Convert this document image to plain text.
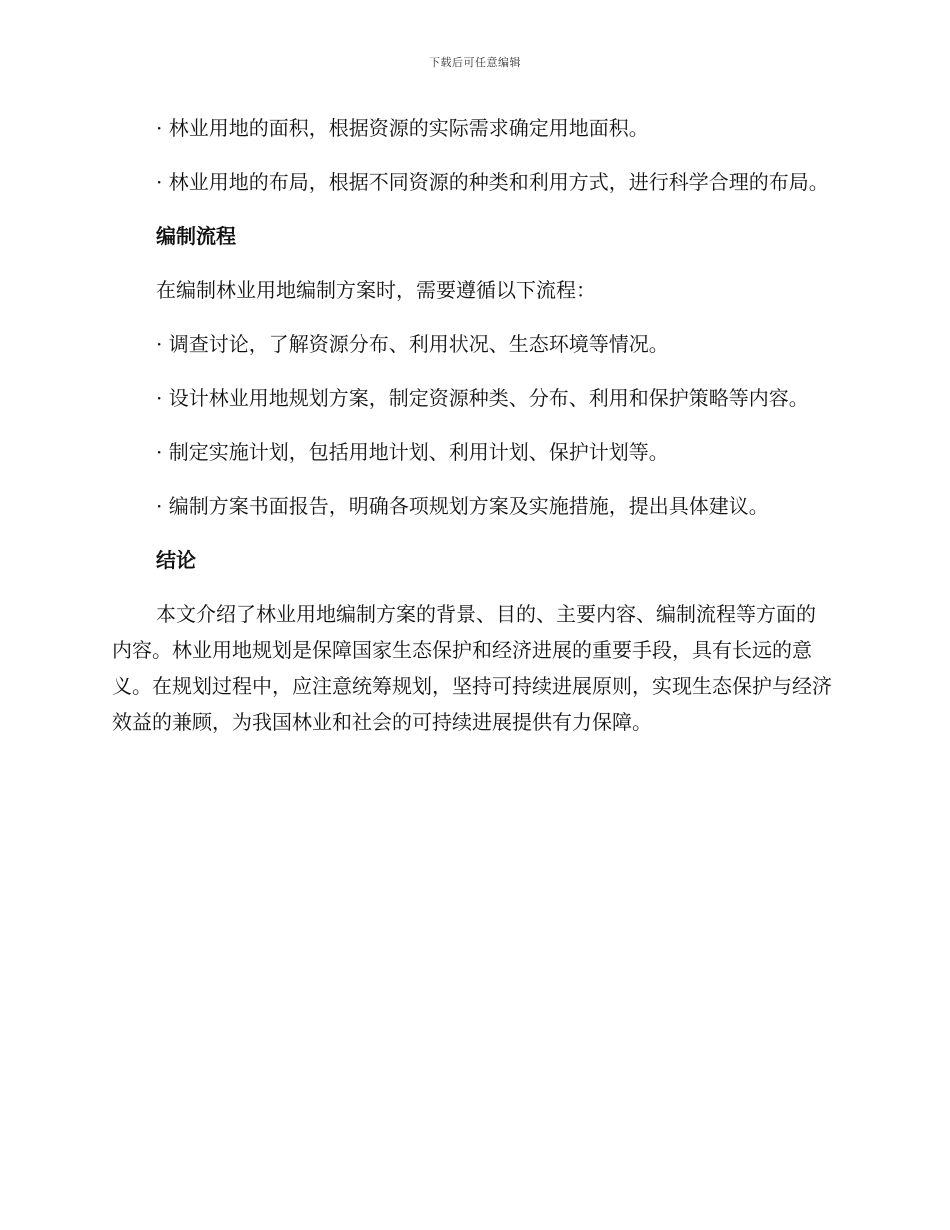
下载后可任意编辑

· 林业用地的面积，根据资源的实际需求确定用地面积。

· 林业用地的布局，根据不同资源的种类和利用方式，进行科学合理的布局。

编制流程

在编制林业用地编制方案时，需要遵循以下流程：

· 调查讨论，了解资源分布、利用状况、生态环境等情况。

· 设计林业用地规划方案，制定资源种类、分布、利用和保护策略等内容。

· 制定实施计划，包括用地计划、利用计划、保护计划等。

· 编制方案书面报告，明确各项规划方案及实施措施，提出具体建议。

结论

本文介绍了林业用地编制方案的背景、目的、主要内容、编制流程等方面的内容。林业用地规划是保障国家生态保护和经济进展的重要手段，具有长远的意义。在规划过程中，应注意统筹规划，坚持可持续进展原则，实现生态保护与经济效益的兼顾，为我国林业和社会的可持续进展提供有力保障。
